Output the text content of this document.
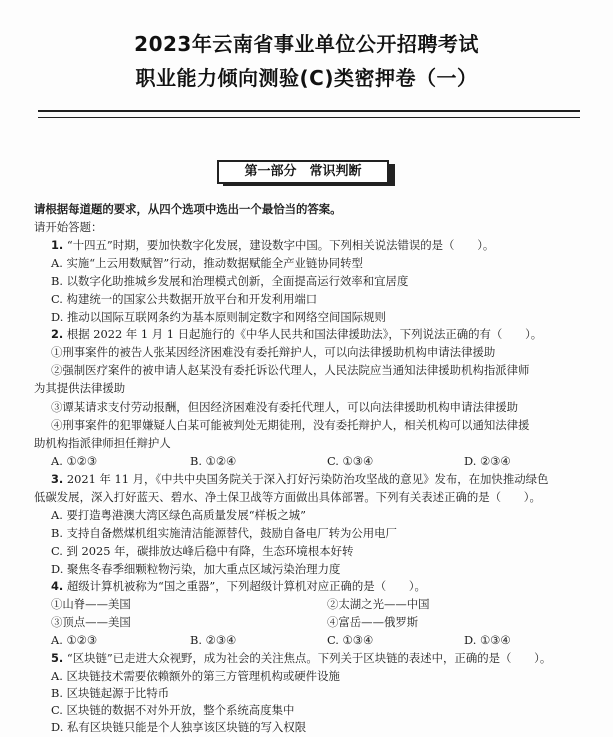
2023年云南省事业单位公开招聘考试
职业能力倾向测验(C)类密押卷（一）
第一部分　常识判断
请根据每道题的要求，从四个选项中选出一个最恰当的答案。
请开始答题：
1. “十四五”时期，要加快数字化发展，建设数字中国。下列相关说法错误的是（　　）。
A. 实施“上云用数赋智”行动，推动数据赋能全产业链协同转型
B. 以数字化助推城乡发展和治理模式创新，全面提高运行效率和宜居度
C. 构建统一的国家公共数据开放平台和开发利用端口
D. 推动以国际互联网条约为基本原则制定数字和网络空间国际规则
2. 根据 2022 年 1 月 1 日起施行的《中华人民共和国法律援助法》，下列说法正确的有（　　）。
①刑事案件的被告人张某因经济困难没有委托辩护人，可以向法律援助机构申请法律援助
②强制医疗案件的被申请人赵某没有委托诉讼代理人，人民法院应当通知法律援助机构指派律师
为其提供法律援助
③谭某请求支付劳动报酬，但因经济困难没有委托代理人，可以向法律援助机构申请法律援助
④刑事案件的犯罪嫌疑人白某可能被判处无期徒刑，没有委托辩护人，相关机构可以通知法律援
助机构指派律师担任辩护人
A. ①②③	B. ①②④	C. ①③④	D. ②③④
3. 2021 年 11 月，《中共中央国务院关于深入打好污染防治攻坚战的意见》发布，在加快推动绿色
低碳发展，深入打好蓝天、碧水、净土保卫战等方面做出具体部署。下列有关表述正确的是（　　）。
A. 要打造粤港澳大湾区绿色高质量发展“样板之城”
B. 支持自备燃煤机组实施清洁能源替代，鼓励自备电厂转为公用电厂
C. 到 2025 年，碳排放达峰后稳中有降，生态环境根本好转
D. 聚焦冬春季细颗粒物污染，加大重点区域污染治理力度
4. 超级计算机被称为“国之重器”，下列超级计算机对应正确的是（　　）。
①山脊——美国	②太湖之光——中国
③顶点——美国	④富岳——俄罗斯
A. ①②③	B. ②③④	C. ①③④	D. ①③④
5. “区块链”已走进大众视野，成为社会的关注焦点。下列关于区块链的表述中，正确的是（　　）。
A. 区块链技术需要依赖额外的第三方管理机构或硬件设施
B. 区块链起源于比特币
C. 区块链的数据不对外开放，整个系统高度集中
D. 私有区块链只能是个人独享该区块链的写入权限
